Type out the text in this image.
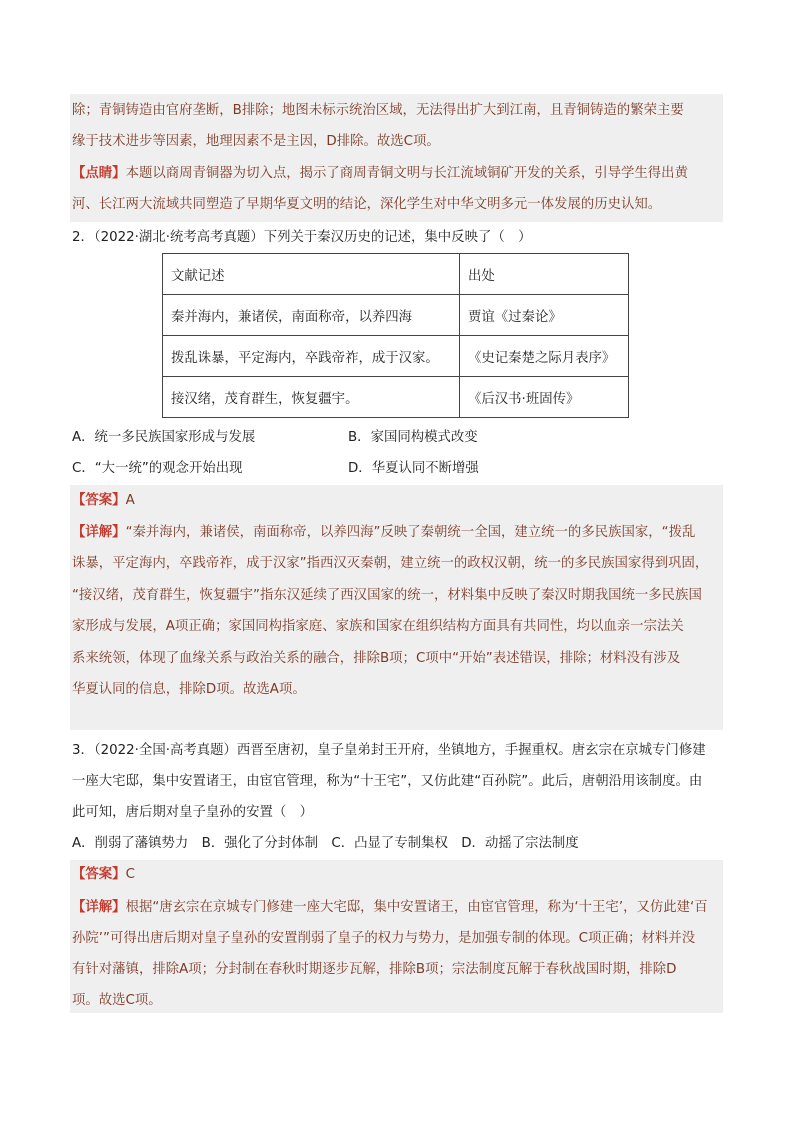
除；青铜铸造由官府垄断，B排除；地图未标示统治区域，无法得出扩大到江南，且青铜铸造的繁荣主要
缘于技术进步等因素，地理因素不是主因，D排除。故选C项。
【点睛】本题以商周青铜器为切入点，揭示了商周青铜文明与长江流域铜矿开发的关系，引导学生得出黄
河、长江两大流域共同塑造了早期华夏文明的结论，深化学生对中华文明多元一体发展的历史认知。
2．（2022·湖北·统考高考真题）下列关于秦汉历史的记述，集中反映了（　）
文献记述	出处
秦并海内，兼诸侯，南面称帝，以养四海	贾谊《过秦论》
拨乱诛暴，平定海内，卒践帝祚，成于汉家。	《史记秦楚之际月表序》
接汉绪，茂育群生，恢复疆宇。	《后汉书·班固传》
A．统一多民族国家形成与发展	B．家国同构模式改变
C．“大一统”的观念开始出现	D．华夏认同不断增强
【答案】A
【详解】“秦并海内，兼诸侯，南面称帝，以养四海”反映了秦朝统一全国，建立统一的多民族国家，“拨乱
诛暴，平定海内，卒践帝祚，成于汉家”指西汉灭秦朝，建立统一的政权汉朝，统一的多民族国家得到巩固，
“接汉绪，茂育群生，恢复疆宇”指东汉延续了西汉国家的统一，材料集中反映了秦汉时期我国统一多民族国
家形成与发展，A项正确；家国同构指家庭、家族和国家在组织结构方面具有共同性，均以血亲一宗法关
系来统领，体现了血缘关系与政治关系的融合，排除B项；C项中“开始”表述错误，排除；材料没有涉及
华夏认同的信息，排除D项。故选A项。
3．（2022·全国·高考真题）西晋至唐初，皇子皇弟封王开府，坐镇地方，手握重权。唐玄宗在京城专门修建
一座大宅邸，集中安置诸王，由宦官管理，称为“十王宅”，又仿此建“百孙院”。此后，唐朝沿用该制度。由
此可知，唐后期对皇子皇孙的安置（　）
A．削弱了藩镇势力　B．强化了分封体制　C．凸显了专制集权　D．动摇了宗法制度
【答案】C
【详解】根据“唐玄宗在京城专门修建一座大宅邸，集中安置诸王，由宦官管理，称为‘十王宅’，又仿此建‘百
孙院’”可得出唐后期对皇子皇孙的安置削弱了皇子的权力与势力，是加强专制的体现。C项正确；材料并没
有针对藩镇，排除A项；分封制在春秋时期逐步瓦解，排除B项；宗法制度瓦解于春秋战国时期，排除D
项。故选C项。
